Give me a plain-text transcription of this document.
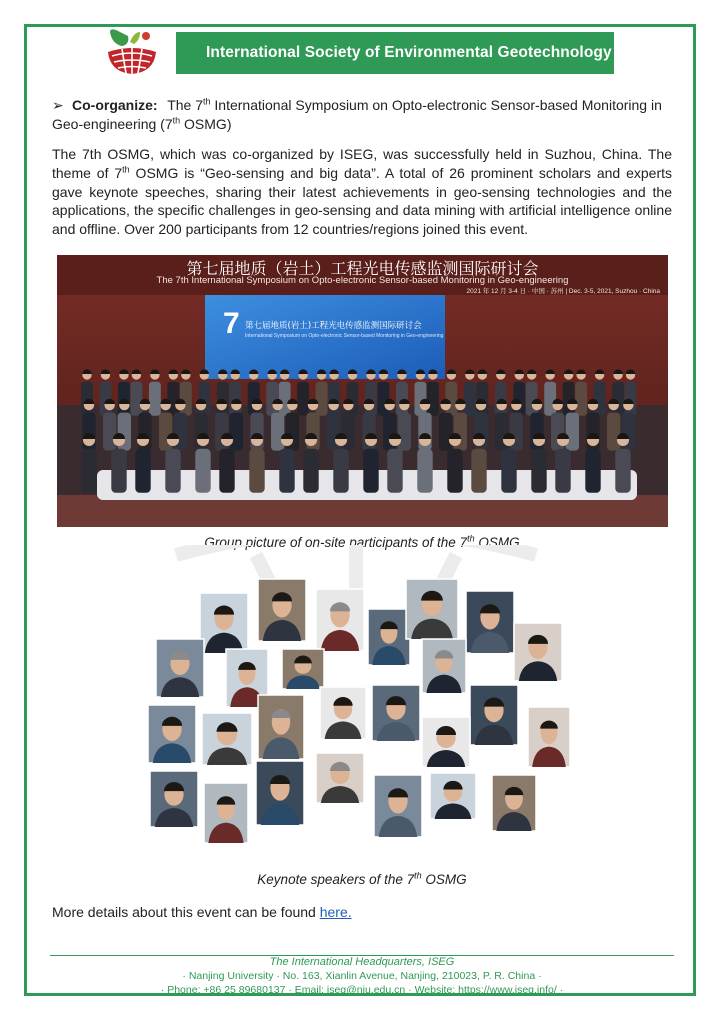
International Society of Environmental Geotechnology
➢ Co-organize: The 7th International Symposium on Opto-electronic Sensor-based Monitoring in Geo-engineering (7th OSMG)

The 7th OSMG, which was co-organized by ISEG, was successfully held in Suzhou, China. The theme of 7th OSMG is “Geo-sensing and big data”. A total of 26 prominent scholars and experts gave keynote speeches, sharing their latest achievements in geo-sensing technologies and the applications, the specific challenges in geo-sensing and data mining with artificial intelligence online and offline. Over 200 participants from 12 countries/regions joined this event.

第七届地质（岩土）工程光电传感监测国际研讨会
The 7th International Symposium on Opto-electronic Sensor-based Monitoring in Geo-engineering
2021 年 12 月 3-4 日 · 中国 · 苏州 | Dec. 3-5, 2021, Suzhou · China
7 第七届地质(岩土)工程光电传感监测国际研讨会
International Symposium on Opto-electronic Sensor-based Monitoring in Geo-engineering
Group picture of on-site participants of the 7th OSMG
Keynote speakers of the 7th OSMG
More details about this event can be found here.
The International Headquarters, ISEG
· Nanjing University · No. 163, Xianlin Avenue, Nanjing, 210023, P. R. China ·
· Phone: +86 25 89680137 · Email: iseg@nju.edu.cn · Website: https://www.iseg.info/ ·
